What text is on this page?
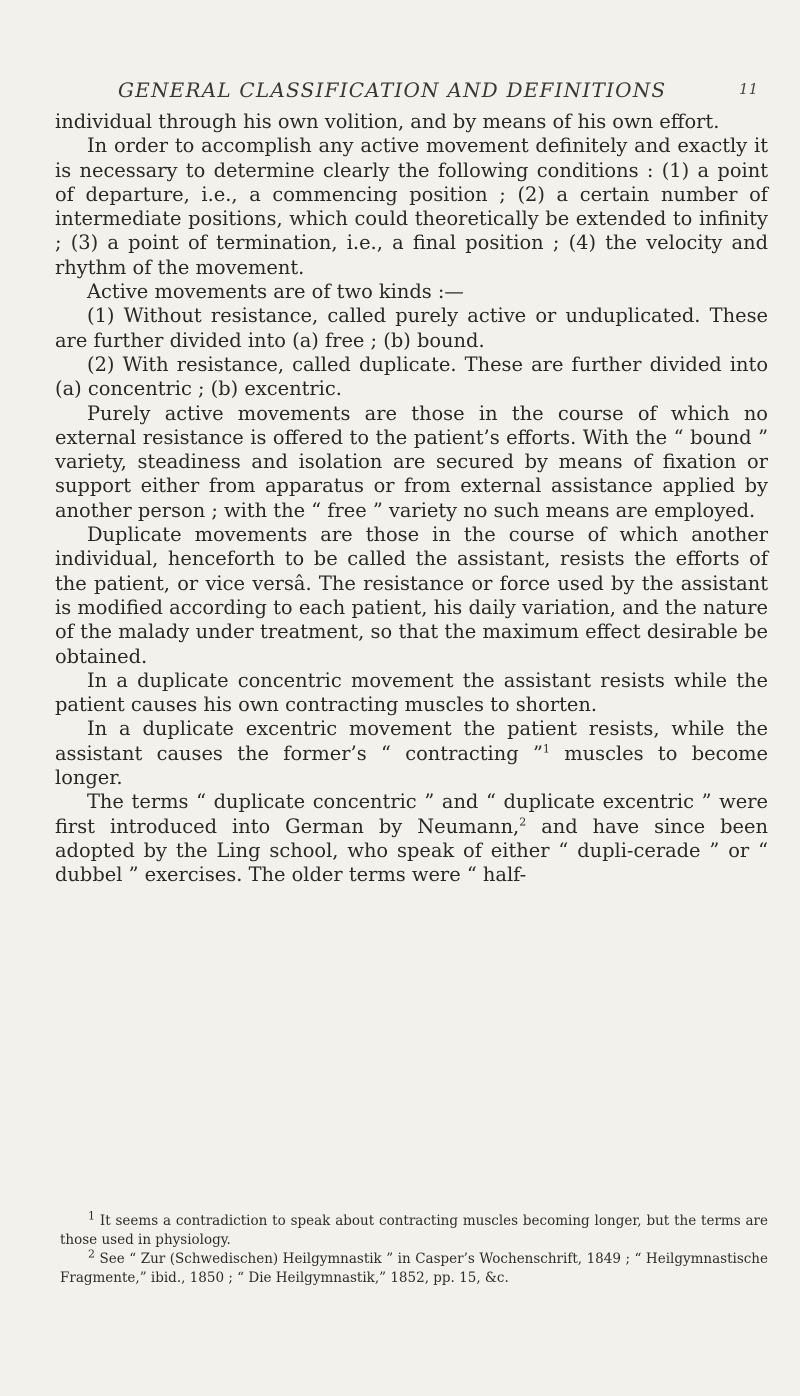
GENERAL CLASSIFICATION AND DEFINITIONS	11

individual through his own volition, and by means of his own effort.

In order to accomplish any active movement definitely and exactly it is necessary to determine clearly the following conditions : (1) a point of departure, i.e., a commencing position ; (2) a certain number of intermediate positions, which could theoretically be extended to infinity ; (3) a point of termination, i.e., a final position ; (4) the velocity and rhythm of the movement.

Active movements are of two kinds :—

(1) Without resistance, called purely active or unduplicated. These are further divided into (a) free ; (b) bound.

(2) With resistance, called duplicate. These are further divided into (a) concentric ; (b) excentric.

Purely active movements are those in the course of which no external resistance is offered to the patient’s efforts. With the “ bound ” variety, steadiness and isolation are secured by means of fixation or support either from apparatus or from external assistance applied by another person ; with the “ free ” variety no such means are employed.

Duplicate movements are those in the course of which another individual, henceforth to be called the assistant, resists the efforts of the patient, or vice versâ. The resistance or force used by the assistant is modified according to each patient, his daily variation, and the nature of the malady under treatment, so that the maximum effect desirable be obtained.

In a duplicate concentric movement the assistant resists while the patient causes his own contracting muscles to shorten.

In a duplicate excentric movement the patient resists, while the assistant causes the former’s “ contracting ”$^1$ muscles to become longer.

The terms “ duplicate concentric ” and “ duplicate excentric ” were first introduced into German by Neumann,$^2$ and have since been adopted by the Ling school, who speak of either “ dupli-cerade ” or “ dubbel ” exercises. The older terms were “ half-

$^1$ It seems a contradiction to speak about contracting muscles becoming longer, but the terms are those used in physiology.

$^2$ See “ Zur (Schwedischen) Heilgymnastik ” in Casper’s Wochenschrift, 1849 ; “ Heilgymnastische Fragmente,” ibid., 1850 ; “ Die Heilgymnastik,” 1852, pp. 15, &c.
